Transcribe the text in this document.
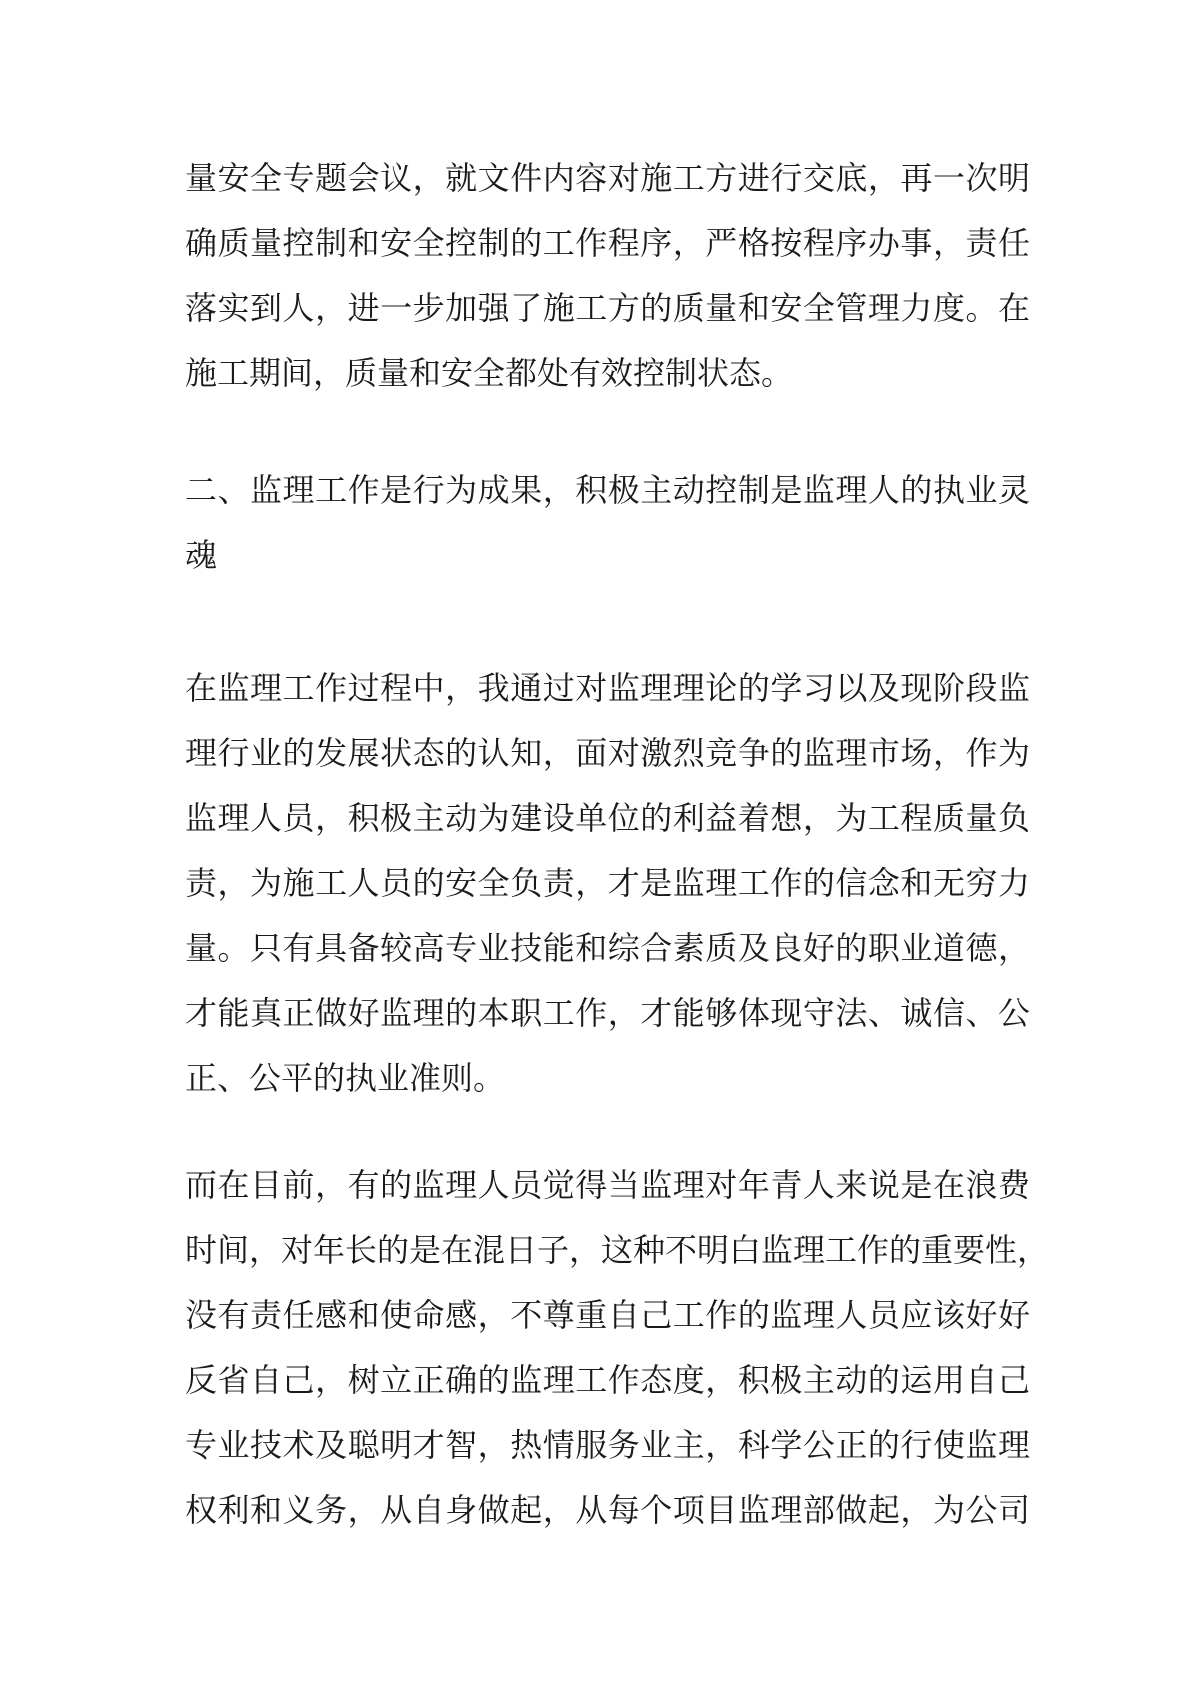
量安全专题会议，就文件内容对施工方进行交底，再一次明
确质量控制和安全控制的工作程序，严格按程序办事，责任
落实到人，进一步加强了施工方的质量和安全管理力度。在
施工期间，质量和安全都处有效控制状态。
二、监理工作是行为成果，积极主动控制是监理人的执业灵
魂
在监理工作过程中，我通过对监理理论的学习以及现阶段监
理行业的发展状态的认知，面对激烈竞争的监理市场，作为
监理人员，积极主动为建设单位的利益着想，为工程质量负
责，为施工人员的安全负责，才是监理工作的信念和无穷力
量。只有具备较高专业技能和综合素质及良好的职业道德，
才能真正做好监理的本职工作，才能够体现守法、诚信、公
正、公平的执业准则。
而在目前，有的监理人员觉得当监理对年青人来说是在浪费
时间，对年长的是在混日子，这种不明白监理工作的重要性，
没有责任感和使命感，不尊重自己工作的监理人员应该好好
反省自己，树立正确的监理工作态度，积极主动的运用自己
专业技术及聪明才智，热情服务业主，科学公正的行使监理
权利和义务，从自身做起，从每个项目监理部做起，为公司
